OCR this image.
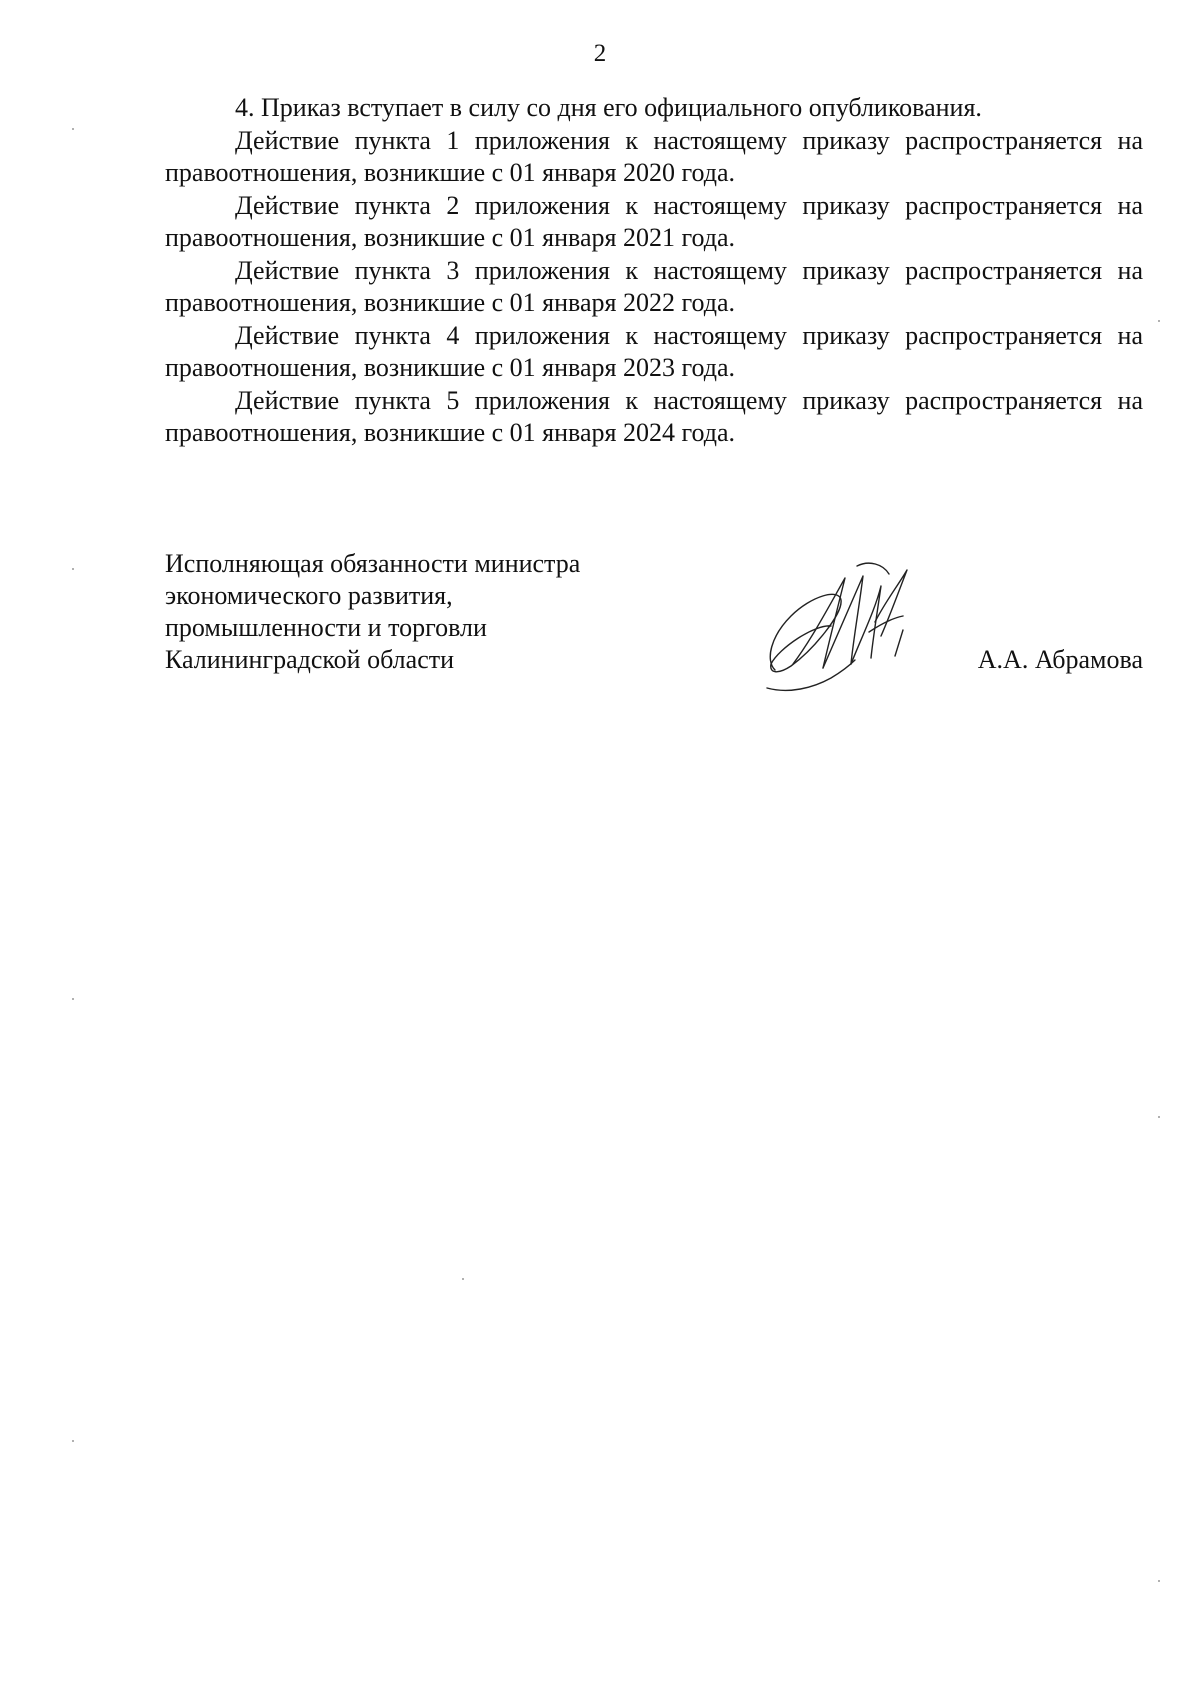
2

4. Приказ вступает в силу со дня его официального опубликования.

Действие пункта 1 приложения к настоящему приказу распространяется на правоотношения, возникшие с 01 января 2020 года.

Действие пункта 2 приложения к настоящему приказу распространяется на правоотношения, возникшие с 01 января 2021 года.

Действие пункта 3 приложения к настоящему приказу распространяется на правоотношения, возникшие с 01 января 2022 года.

Действие пункта 4 приложения к настоящему приказу распространяется на правоотношения, возникшие с 01 января 2023 года.

Действие пункта 5 приложения к настоящему приказу распространяется на правоотношения, возникшие с 01 января 2024 года.

Исполняющая обязанности министра
экономического развития,
промышленности и торговли
Калининградской области	А.А. Абрамова
